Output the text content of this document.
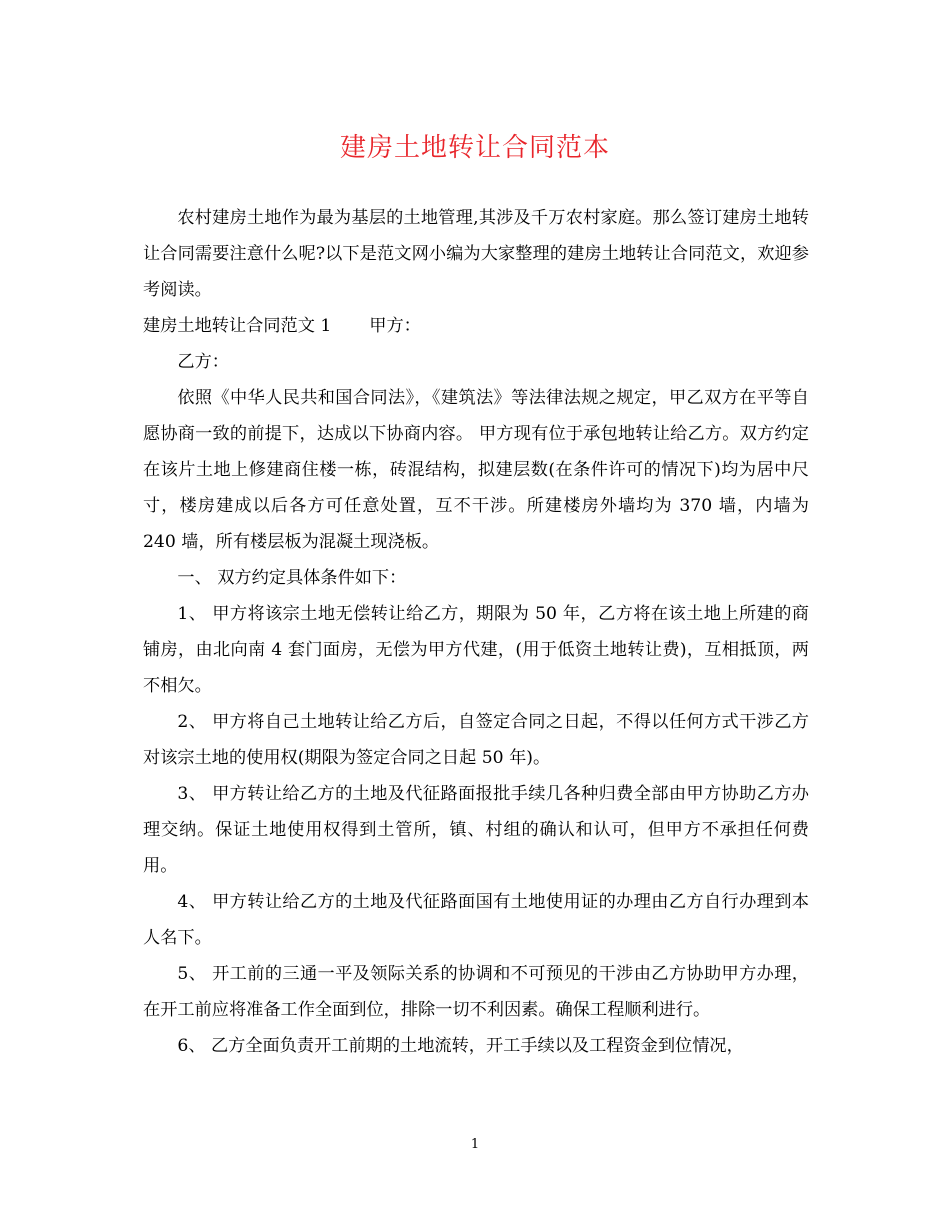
建房土地转让合同范本

农村建房土地作为最为基层的土地管理,其涉及千万农村家庭。那么签订建房土地转让合同需要注意什么呢?以下是范文网小编为大家整理的建房土地转让合同范文，欢迎参考阅读。

建房土地转让合同范文 1 甲方：

乙方：

依照《中华人民共和国合同法》，《建筑法》等法律法规之规定，甲乙双方在平等自愿协商一致的前提下，达成以下协商内容。 甲方现有位于承包地转让给乙方。双方约定在该片土地上修建商住楼一栋，砖混结构，拟建层数(在条件许可的情况下)均为居中尺寸，楼房建成以后各方可任意处置，互不干涉。所建楼房外墙均为 370 墙，内墙为 240 墙，所有楼层板为混凝土现浇板。

一、 双方约定具体条件如下：

1、 甲方将该宗土地无偿转让给乙方，期限为 50 年，乙方将在该土地上所建的商铺房，由北向南 4 套门面房，无偿为甲方代建，(用于低资土地转让费)，互相抵顶，两不相欠。

2、 甲方将自己土地转让给乙方后，自签定合同之日起，不得以任何方式干涉乙方对该宗土地的使用权(期限为签定合同之日起 50 年)。

3、 甲方转让给乙方的土地及代征路面报批手续几各种归费全部由甲方协助乙方办理交纳。保证土地使用权得到土管所，镇、村组的确认和认可，但甲方不承担任何费用。

4、 甲方转让给乙方的土地及代征路面国有土地使用证的办理由乙方自行办理到本人名下。

5、 开工前的三通一平及领际关系的协调和不可预见的干涉由乙方协助甲方办理，在开工前应将准备工作全面到位，排除一切不利因素。确保工程顺利进行。

6、 乙方全面负责开工前期的土地流转，开工手续以及工程资金到位情况，

1
